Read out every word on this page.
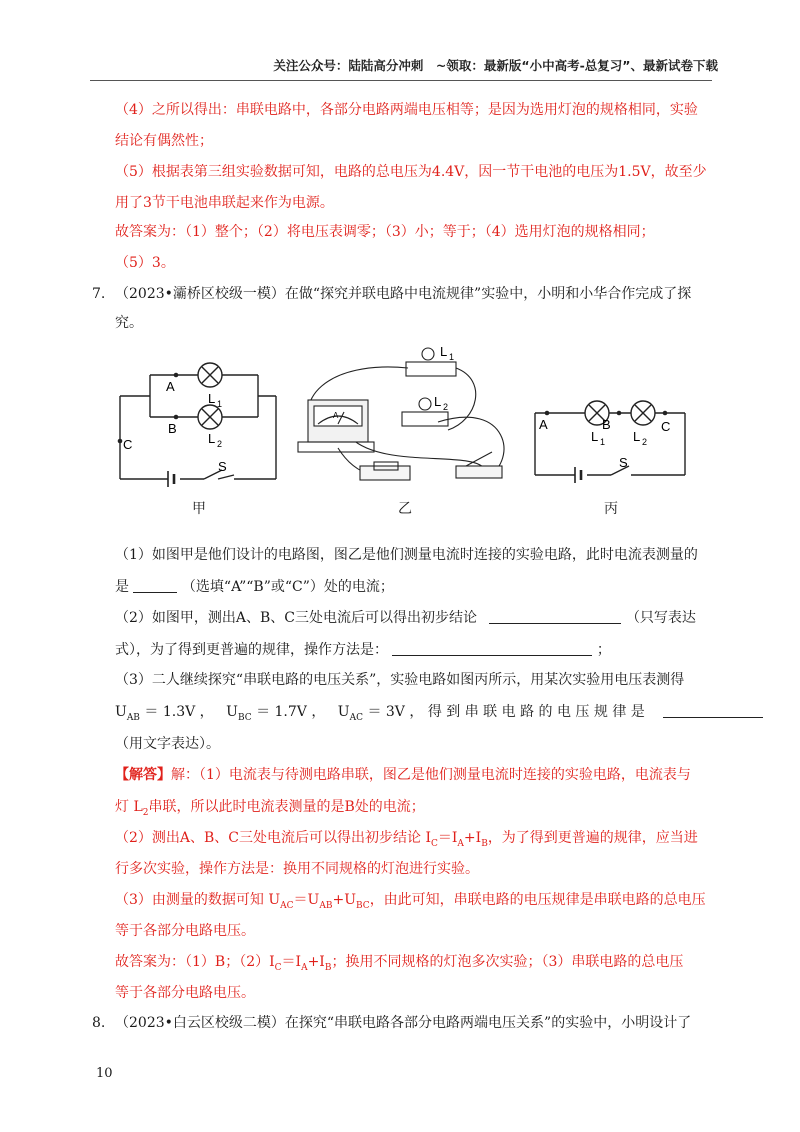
关注公众号：陆陆高分冲刺　~领取：最新版“小中高考-总复习”、最新试卷下载
（4）之所以得出：串联电路中，各部分电路两端电压相等；是因为选用灯泡的规格相同，实验
结论有偶然性；
（5）根据表第三组实验数据可知，电路的总电压为4.4V，因一节干电池的电压为1.5V，故至少
用了3节干电池串联起来作为电源。
故答案为：（1）整个；（2）将电压表调零；（3）小；等于；（4）选用灯泡的规格相同；
（5）3。
7. （2023•灞桥区校级一模）在做“探究并联电路中电流规律”实验中，小明和小华合作完成了探
究。
A
B
C
L 1
L 2
S
甲
L 1
L 2
A
乙
A	B	C
L 1 L 2
S
丙
（1）如图甲是他们设计的电路图，图乙是他们测量电流时连接的实验电路，此时电流表测量的
是	（选填“A”“B”或“C”）处的电流；
（2）如图甲，测出A、B、C三处电流后可以得出初步结论	（只写表达
式），为了得到更普遍的规律，操作方法是：	；
（3）二人继续探究“串联电路的电压关系”，实验电路如图丙所示，用某次实验用电压表测得
$U_{AB} = 1.3V$ ， $U_{BC} = 1.7V$ ， $U_{AC} = 3V$ ， 得 到 串 联 电 路 的 电 压 规 律 是
（用文字表达）。
【解答】解：（1）电流表与待测电路串联，图乙是他们测量电流时连接的实验电路，电流表与
灯 $L_2$串联，所以此时电流表测量的是B处的电流；
（2）测出A、B、C三处电流后可以得出初步结论 $I_C=I_A+I_B$，为了得到更普遍的规律，应当进
行多次实验，操作方法是：换用不同规格的灯泡进行实验。
（3）由测量的数据可知 $U_{AC}=U_{AB}+U_{BC}$，由此可知，串联电路的电压规律是串联电路的总电压
等于各部分电路电压。
故答案为：（1）B；$(2)I_C=I_A+I_B$；换用不同规格的灯泡多次实验；（3）串联电路的总电压
等于各部分电路电压。
8. （2023•白云区校级二模）在探究“串联电路各部分电路两端电压关系”的实验中，小明设计了
10
